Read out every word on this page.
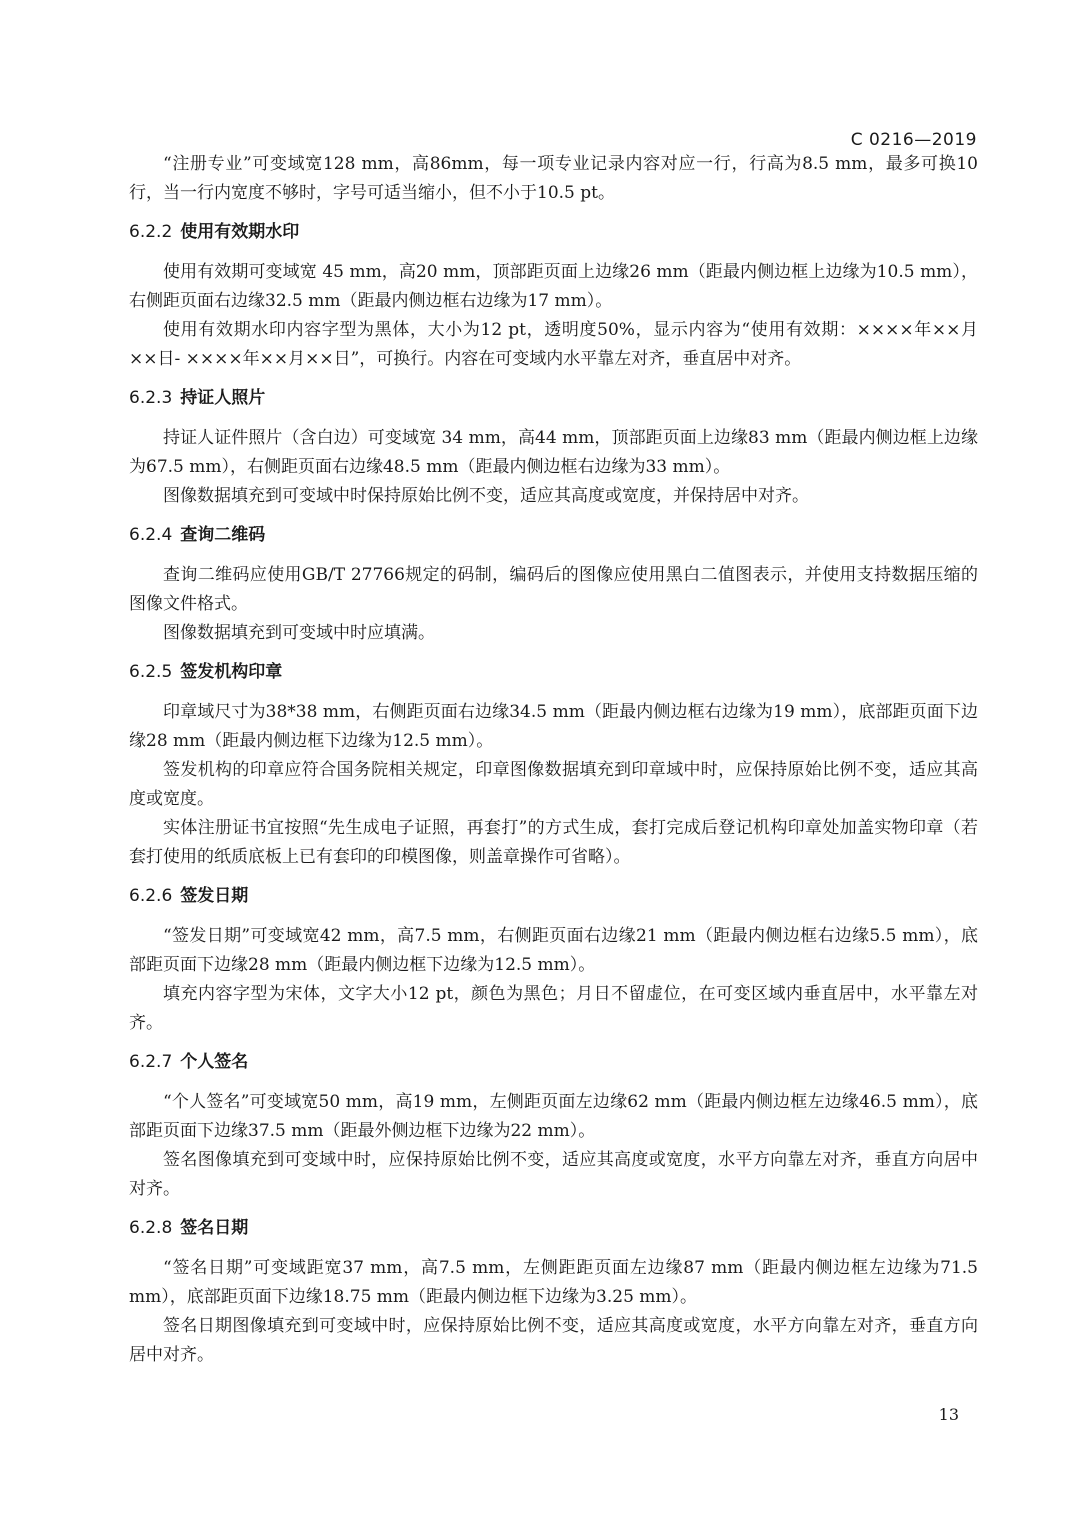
C 0216—2019

“注册专业”可变域宽128 mm，高86mm，每一项专业记录内容对应一行，行高为8.5 mm，最多可换10行，当一行内宽度不够时，字号可适当缩小，但不小于10.5 pt。

6.2.2 使用有效期水印

使用有效期可变域宽 45 mm，高20 mm，顶部距页面上边缘26 mm（距最内侧边框上边缘为10.5 mm），右侧距页面右边缘32.5 mm（距最内侧边框右边缘为17 mm）。

使用有效期水印内容字型为黑体，大小为12 pt，透明度50%，显示内容为“使用有效期：××××年××月××日- ××××年××月××日”，可换行。内容在可变域内水平靠左对齐，垂直居中对齐。

6.2.3 持证人照片

持证人证件照片（含白边）可变域宽 34 mm，高44 mm，顶部距页面上边缘83 mm（距最内侧边框上边缘为67.5 mm），右侧距页面右边缘48.5 mm（距最内侧边框右边缘为33 mm）。

图像数据填充到可变域中时保持原始比例不变，适应其高度或宽度，并保持居中对齐。

6.2.4 查询二维码

查询二维码应使用GB/T 27766规定的码制，编码后的图像应使用黑白二值图表示，并使用支持数据压缩的图像文件格式。

图像数据填充到可变域中时应填满。

6.2.5 签发机构印章

印章域尺寸为38*38 mm，右侧距页面右边缘34.5 mm（距最内侧边框右边缘为19 mm），底部距页面下边缘28 mm（距最内侧边框下边缘为12.5 mm）。

签发机构的印章应符合国务院相关规定，印章图像数据填充到印章域中时，应保持原始比例不变，适应其高度或宽度。

实体注册证书宜按照“先生成电子证照，再套打”的方式生成，套打完成后登记机构印章处加盖实物印章（若套打使用的纸质底板上已有套印的印模图像，则盖章操作可省略）。

6.2.6 签发日期

“签发日期”可变域宽42 mm，高7.5 mm，右侧距页面右边缘21 mm（距最内侧边框右边缘5.5 mm），底部距页面下边缘28 mm（距最内侧边框下边缘为12.5 mm）。

填充内容字型为宋体，文字大小12 pt，颜色为黑色；月日不留虚位，在可变区域内垂直居中，水平靠左对齐。

6.2.7 个人签名

“个人签名”可变域宽50 mm，高19 mm，左侧距页面左边缘62 mm（距最内侧边框左边缘46.5 mm），底部距页面下边缘37.5 mm（距最外侧边框下边缘为22 mm）。

签名图像填充到可变域中时，应保持原始比例不变，适应其高度或宽度，水平方向靠左对齐，垂直方向居中对齐。

6.2.8 签名日期

“签名日期”可变域距宽37 mm，高7.5 mm，左侧距距页面左边缘87 mm（距最内侧边框左边缘为71.5 mm），底部距页面下边缘18.75 mm（距最内侧边框下边缘为3.25 mm）。

签名日期图像填充到可变域中时，应保持原始比例不变，适应其高度或宽度，水平方向靠左对齐，垂直方向居中对齐。

13
